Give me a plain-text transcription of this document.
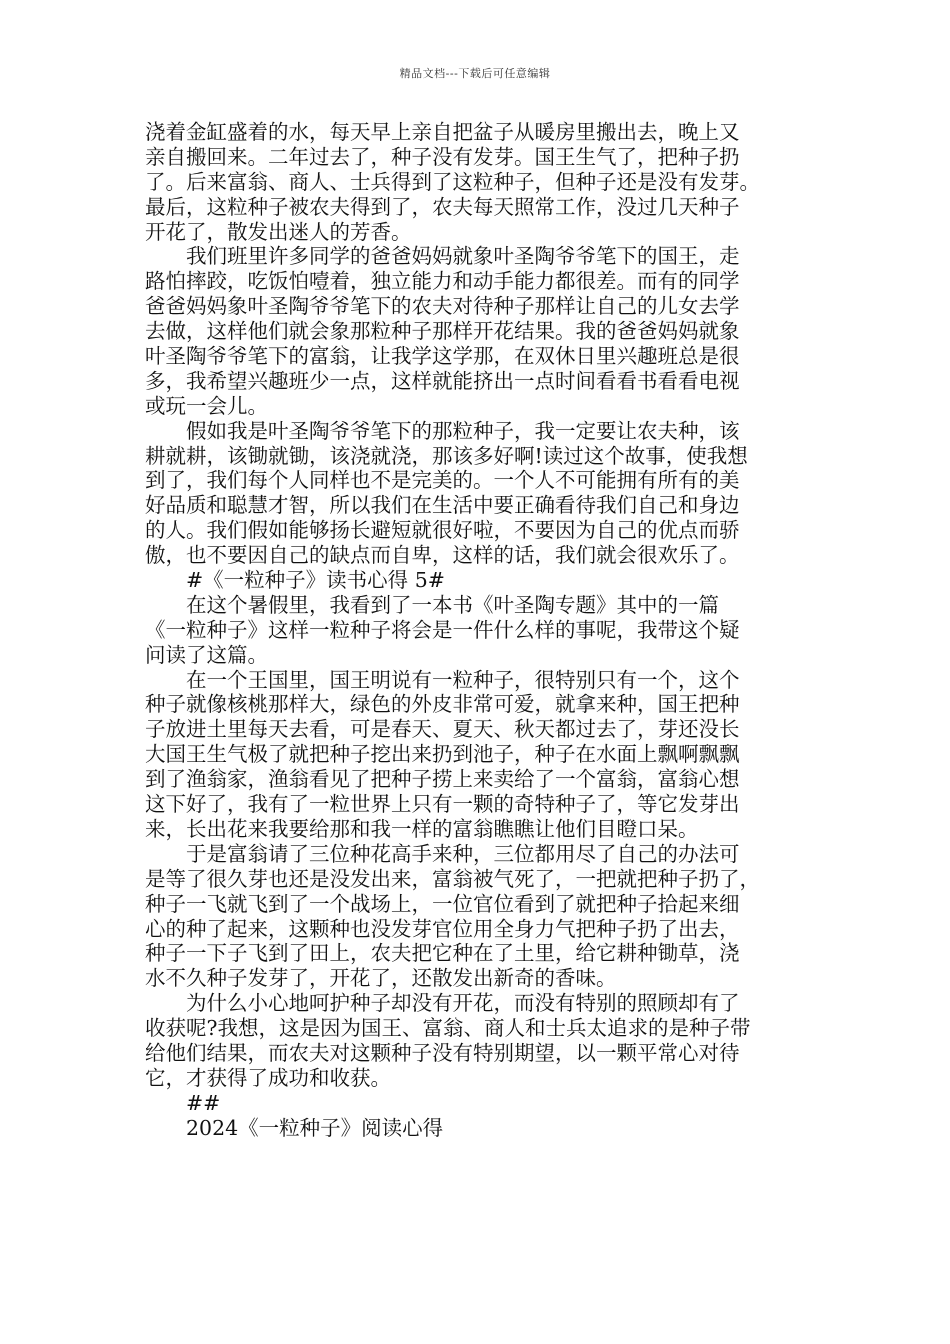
精品文档---下载后可任意编辑
浇着金缸盛着的水，每天早上亲自把盆子从暖房里搬出去，晚上又
亲自搬回来。二年过去了，种子没有发芽。国王生气了，把种子扔
了。后来富翁、商人、士兵得到了这粒种子，但种子还是没有发芽。
最后，这粒种子被农夫得到了，农夫每天照常工作，没过几天种子
开花了，散发出迷人的芳香。
我们班里许多同学的爸爸妈妈就象叶圣陶爷爷笔下的国王，走
路怕摔跤，吃饭怕噎着，独立能力和动手能力都很差。而有的同学
爸爸妈妈象叶圣陶爷爷笔下的农夫对待种子那样让自己的儿女去学
去做，这样他们就会象那粒种子那样开花结果。我的爸爸妈妈就象
叶圣陶爷爷笔下的富翁，让我学这学那，在双休日里兴趣班总是很
多，我希望兴趣班少一点，这样就能挤出一点时间看看书看看电视
或玩一会儿。
假如我是叶圣陶爷爷笔下的那粒种子，我一定要让农夫种，该
耕就耕，该锄就锄，该浇就浇，那该多好啊!读过这个故事，使我想
到了，我们每个人同样也不是完美的。一个人不可能拥有所有的美
好品质和聪慧才智，所以我们在生活中要正确看待我们自己和身边
的人。我们假如能够扬长避短就很好啦，不要因为自己的优点而骄
傲，也不要因自己的缺点而自卑，这样的话，我们就会很欢乐了。
#《一粒种子》读书心得 5#
在这个暑假里，我看到了一本书《叶圣陶专题》其中的一篇
《一粒种子》这样一粒种子将会是一件什么样的事呢，我带这个疑
问读了这篇。
在一个王国里，国王明说有一粒种子，很特别只有一个，这个
种子就像核桃那样大，绿色的外皮非常可爱，就拿来种，国王把种
子放进土里每天去看，可是春天、夏天、秋天都过去了，芽还没长
大国王生气极了就把种子挖出来扔到池子，种子在水面上飘啊飘飘
到了渔翁家，渔翁看见了把种子捞上来卖给了一个富翁，富翁心想
这下好了，我有了一粒世界上只有一颗的奇特种子了，等它发芽出
来，长出花来我要给那和我一样的富翁瞧瞧让他们目瞪口呆。
于是富翁请了三位种花高手来种，三位都用尽了自己的办法可
是等了很久芽也还是没发出来，富翁被气死了，一把就把种子扔了，
种子一飞就飞到了一个战场上，一位官位看到了就把种子拾起来细
心的种了起来，这颗种也没发芽官位用全身力气把种子扔了出去，
种子一下子飞到了田上，农夫把它种在了土里，给它耕种锄草，浇
水不久种子发芽了，开花了，还散发出新奇的香味。
为什么小心地呵护种子却没有开花，而没有特别的照顾却有了
收获呢?我想，这是因为国王、富翁、商人和士兵太追求的是种子带
给他们结果，而农夫对这颗种子没有特别期望，以一颗平常心对待
它，才获得了成功和收获。
##
2024《一粒种子》阅读心得
